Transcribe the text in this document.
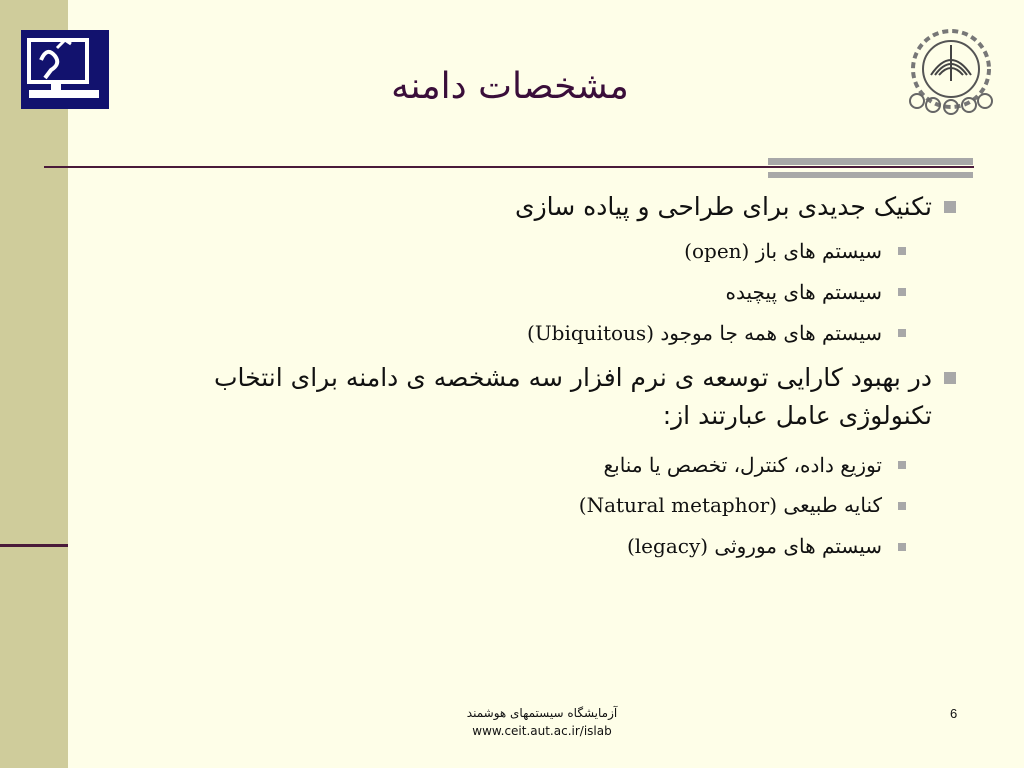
مشخصات دامنه
تکنیک جدیدی برای طراحی و پیاده سازی
سیستم های باز (open)
سیستم های پیچیده
سیستم های همه جا موجود (Ubiquitous)
در بهبود کارایی توسعه ی نرم افزار سه مشخصه ی دامنه برای انتخاب
تکنولوژی عامل عبارتند از:
توزیع داده، کنترل، تخصص یا منابع
کنایه طبیعی (Natural metaphor)
سیستم های موروثی (legacy)
آزمایشگاه سیستمهای هوشمند
www.ceit.aut.ac.ir/islab
6
